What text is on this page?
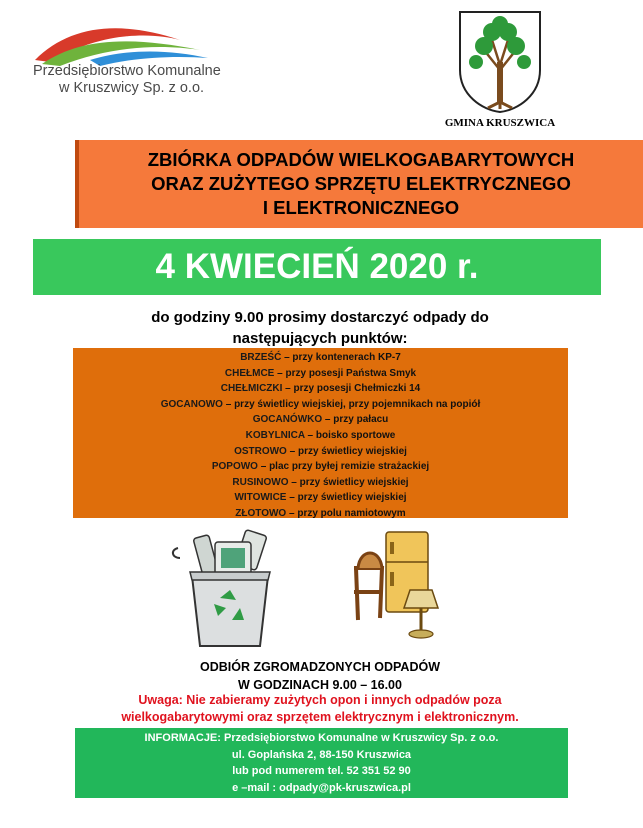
Przedsiębiorstwo Komunalne
w Kruszwicy Sp. z o.o.
GMINA KRUSZWICA
ZBIÓRKA ODPADÓW WIELKOGABARYTOWYCH
ORAZ ZUŻYTEGO SPRZĘTU ELEKTRYCZNEGO
I ELEKTRONICZNEGO
4 KWIECIEŃ 2020 r.
do godziny 9.00 prosimy dostarczyć odpady do
następujących punktów:
BRZEŚĆ – przy kontenerach KP-7
CHEŁMCE – przy posesji Państwa Smyk
CHEŁMICZKI – przy posesji Chełmiczki 14
GOCANOWO – przy świetlicy wiejskiej, przy pojemnikach na popiół
GOCANÓWKO – przy pałacu
KOBYLNICA – boisko sportowe
OSTROWO – przy świetlicy wiejskiej
POPOWO – plac przy byłej remizie strażackiej
RUSINOWO – przy świetlicy wiejskiej
WITOWICE – przy świetlicy wiejskiej
ZŁOTOWO – przy polu namiotowym
ODBIÓR ZGROMADZONYCH ODPADÓW
W GODZINACH 9.00 – 16.00
Uwaga: Nie zabieramy zużytych opon i innych odpadów poza
wielkogabarytowymi oraz sprzętem elektrycznym i elektronicznym.
INFORMACJE: Przedsiębiorstwo Komunalne w Kruszwicy Sp. z o.o.
ul. Goplańska 2, 88-150 Kruszwica
lub pod numerem tel. 52 351 52 90
e –mail : odpady@pk-kruszwica.pl
